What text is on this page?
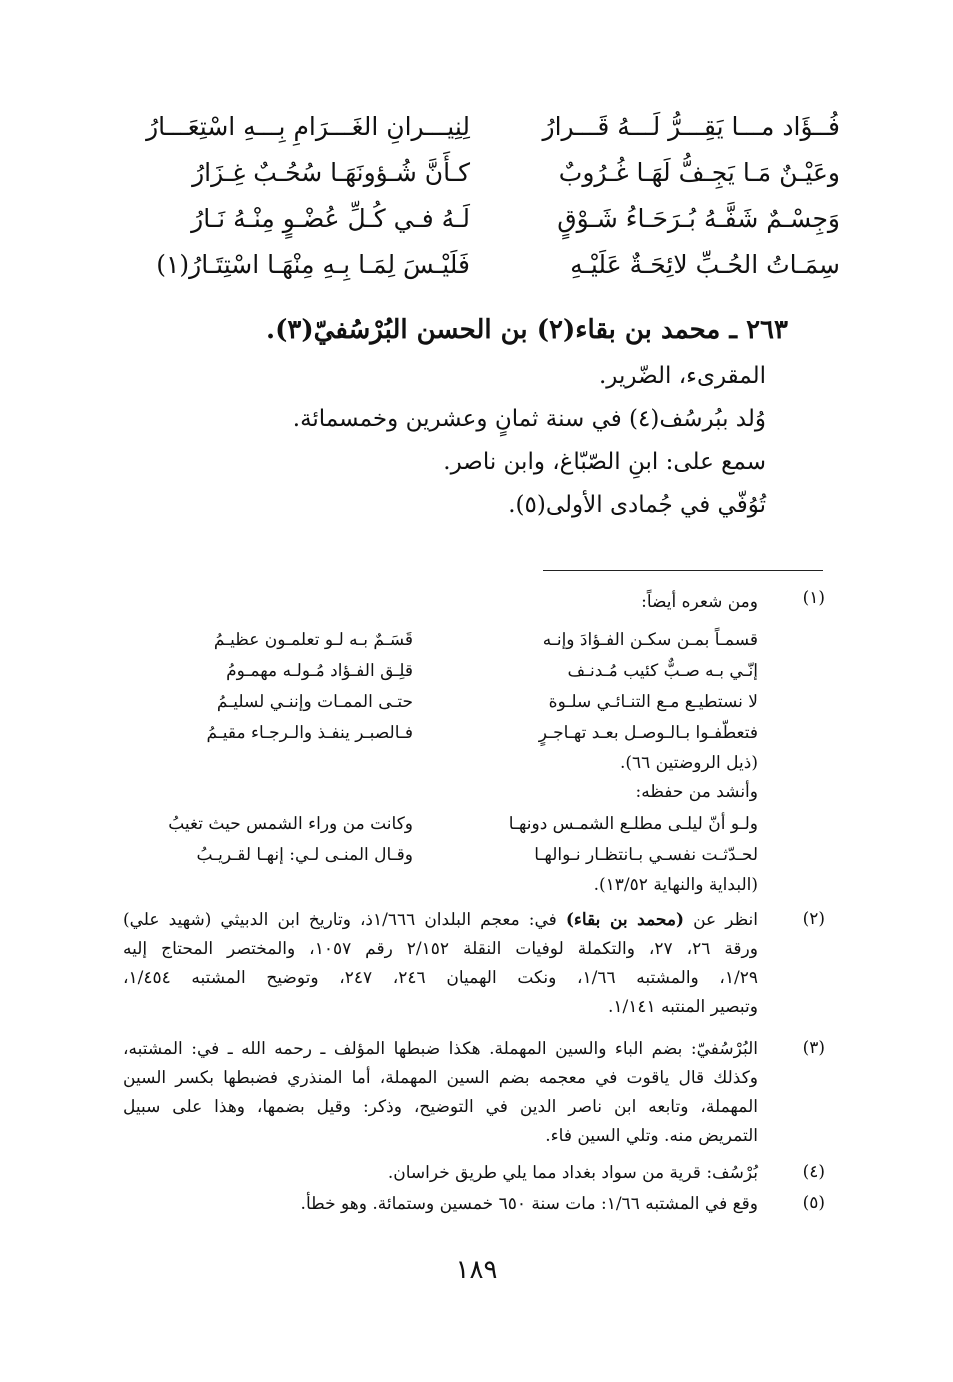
فُــؤَاد مـــا يَقِـــرُّ لَـــهُ قَـــرارُ
لِنِيـــرانِ الغَـــرَامِ بِـــهِ اسْتِعَـــارُ
وعَيْـنٌ مَـا يَجِـفُّ لَهَـا غُـرُوبٌ
كـأَنَّ شُـؤونَهَـا سُحُـبٌ غِـزَارُ
وَجِسْـمٌ شَفَّـهُ بُـرَحَـاءُ شَـوْقٍ
لَـهُ فـي كُـلِّ عُضْـوٍ مِنْـهُ نَـارُ
سِمَـاتُ الحُـبِّ لائِحَـةٌ عَلَيْـهِ
فَلَيْـسَ لِمَـا بِـهِ مِنْهَـا اسْتِتَـارُ(١)
٢٦٣ ـ محمد بن بقاء(٢) بن الحسن البُرْسُفيّ(٣).
المقرىء، الضّرير.
وُلد ببُرسُف(٤) في سنة ثمانٍ وعشرين وخمسمائة.
سمع على: ابنِ الصّبّاغ، وابن ناصر.
تُوُفّي في جُمادى الأولى(٥).
(١)
ومن شعره أيضاً:
قسمـاً بمـن سكـن الفـؤادَ وإنـه
قَسَـمٌ بـه لـو تعلمـون عظيـمُ
إنّـي بـه صـبٌّ كئيب مُـدنـف
قلِـق الفـؤاد مُـولـه مهمـومُ
لا نستطيـع مـع التنـائـي سلـوة
حتـى الممـات وإننـي لسليـمُ
فتعطّفـوا بـالـوصـل بعـد تهـاجـرٍ
فـالصبـر ينفـذ والـرجـاء مقيـمُ
(ذيل الروضتين ٦٦).
وأنشد من حفظه:
ولـو أنّ ليلـى مطلـع الشمـس دونهـا
وكانت من وراء الشمس حيث تغيبُ
لحـدّثـت نفسـي بـانتظـار نـوالهـا
وقـال المنـى لـي: إنهـا لقـريـبُ
(البداية والنهاية ١٣/٥٢).
(٢)
انظر عن (محمد بن بقاء) في: معجم البلدان ١/٦٦٦ذ، وتاريخ ابن الدبيثي (شهيد علي)
ورقة ٢٦، ٢٧، والتكملة لوفيات النقلة ٢/١٥٢ رقم ١٠٥٧، والمختصر المحتاج إليه
١/٢٩، والمشتبه ١/٦٦، ونكت الهميان ٢٤٦، ٢٤٧، وتوضيح المشتبه ١/٤٥٤،
وتبصير المنتبه ١/١٤١.
(٣)
البُرْسُفيّ: بضم الباء والسين المهملة. هكذا ضبطها المؤلف ـ رحمه الله ـ في: المشتبه،
وكذلك قال ياقوت في معجمه بضم السين المهملة، أما المنذري فضبطها بكسر السين
المهملة، وتابعه ابن ناصر الدين في التوضيح، وذكر: وقيل بضمها، وهذا على سبيل
التمريض منه. وتلي السين فاء.
(٤)
بُرْسُف: قرية من سواد بغداد مما يلي طريق خراسان.
(٥)
وقع في المشتبه ١/٦٦: مات سنة ٦٥٠ خمسين وستمائة. وهو خطأ.
١٨٩
